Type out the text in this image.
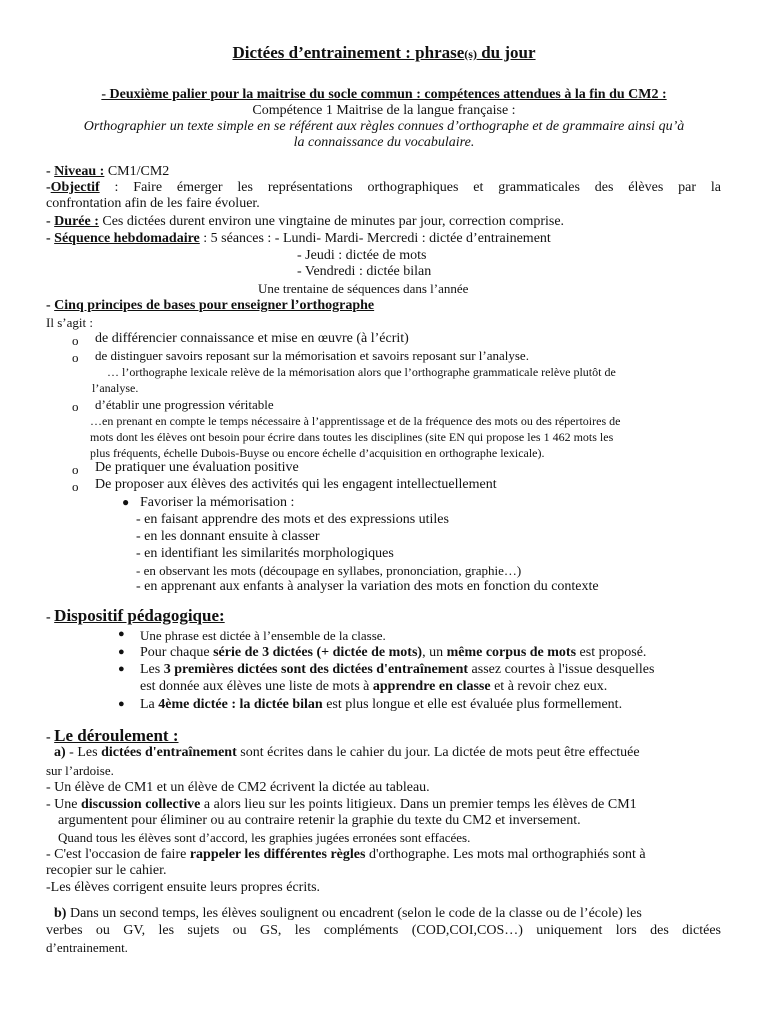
Dictées d’entrainement : phrase(s) du jour
- Deuxième palier pour la maitrise du socle commun : compétences attendues à la fin du CM2 :
Compétence 1 Maitrise de la langue française :
Orthographier un texte simple en se référent aux règles connues d’orthographe et de grammaire ainsi qu’à
la connaissance du vocabulaire.
- Niveau : CM1/CM2
-Objectif : Faire émerger les représentations orthographiques et grammaticales des élèves par la
confrontation afin de les faire évoluer.
- Durée : Ces dictées durent environ une vingtaine de minutes par jour, correction comprise.
- Séquence hebdomadaire : 5 séances : - Lundi- Mardi- Mercredi : dictée d’entrainement
- Jeudi : dictée de mots
- Vendredi : dictée bilan
Une trentaine de séquences dans l’année
- Cinq principes de bases pour enseigner l’orthographe
Il s’agit :
o de différencier connaissance et mise en œuvre (à l’écrit)
o de distinguer savoirs reposant sur la mémorisation et savoirs reposant sur l’analyse.
… l’orthographe lexicale relève de la mémorisation alors que l’orthographe grammaticale relève plutôt de
l’analyse.
o d’établir une progression véritable
…en prenant en compte le temps nécessaire à l’apprentissage et de la fréquence des mots ou des répertoires de
mots dont les élèves ont besoin pour écrire dans toutes les disciplines (site EN qui propose les 1 462 mots les
plus fréquents, échelle Dubois-Buyse ou encore échelle d’acquisition en orthographe lexicale).
o De pratiquer une évaluation positive
o De proposer aux élèves des activités qui les engagent intellectuellement
● Favoriser la mémorisation :
- en faisant apprendre des mots et des expressions utiles
- en les donnant ensuite à classer
- en identifiant les similarités morphologiques
- en observant les mots (découpage en syllabes, prononciation, graphie…)
- en apprenant aux enfants à analyser la variation des mots en fonction du contexte
- Dispositif pédagogique:
● Une phrase est dictée à l’ensemble de la classe.
● Pour chaque série de 3 dictées (+ dictée de mots), un même corpus de mots est proposé.
● Les 3 premières dictées sont des dictées d'entraînement assez courtes à l'issue desquelles
est donnée aux élèves une liste de mots à apprendre en classe et à revoir chez eux.
● La 4ème dictée : la dictée bilan est plus longue et elle est évaluée plus formellement.
- Le déroulement :
a) - Les dictées d'entraînement sont écrites dans le cahier du jour. La dictée de mots peut être effectuée
sur l’ardoise.
- Un élève de CM1 et un élève de CM2 écrivent la dictée au tableau.
- Une discussion collective a alors lieu sur les points litigieux. Dans un premier temps les élèves de CM1
argumentent pour éliminer ou au contraire retenir la graphie du texte du CM2 et inversement.
Quand tous les élèves sont d’accord, les graphies jugées erronées sont effacées.
- C'est l'occasion de faire rappeler les différentes règles d'orthographe. Les mots mal orthographiés sont à
recopier sur le cahier.
-Les élèves corrigent ensuite leurs propres écrits.
b) Dans un second temps, les élèves soulignent ou encadrent (selon le code de la classe ou de l’école) les
verbes ou GV, les sujets ou GS, les compléments (COD,COI,COS…) uniquement lors des dictées
d’entrainement.
